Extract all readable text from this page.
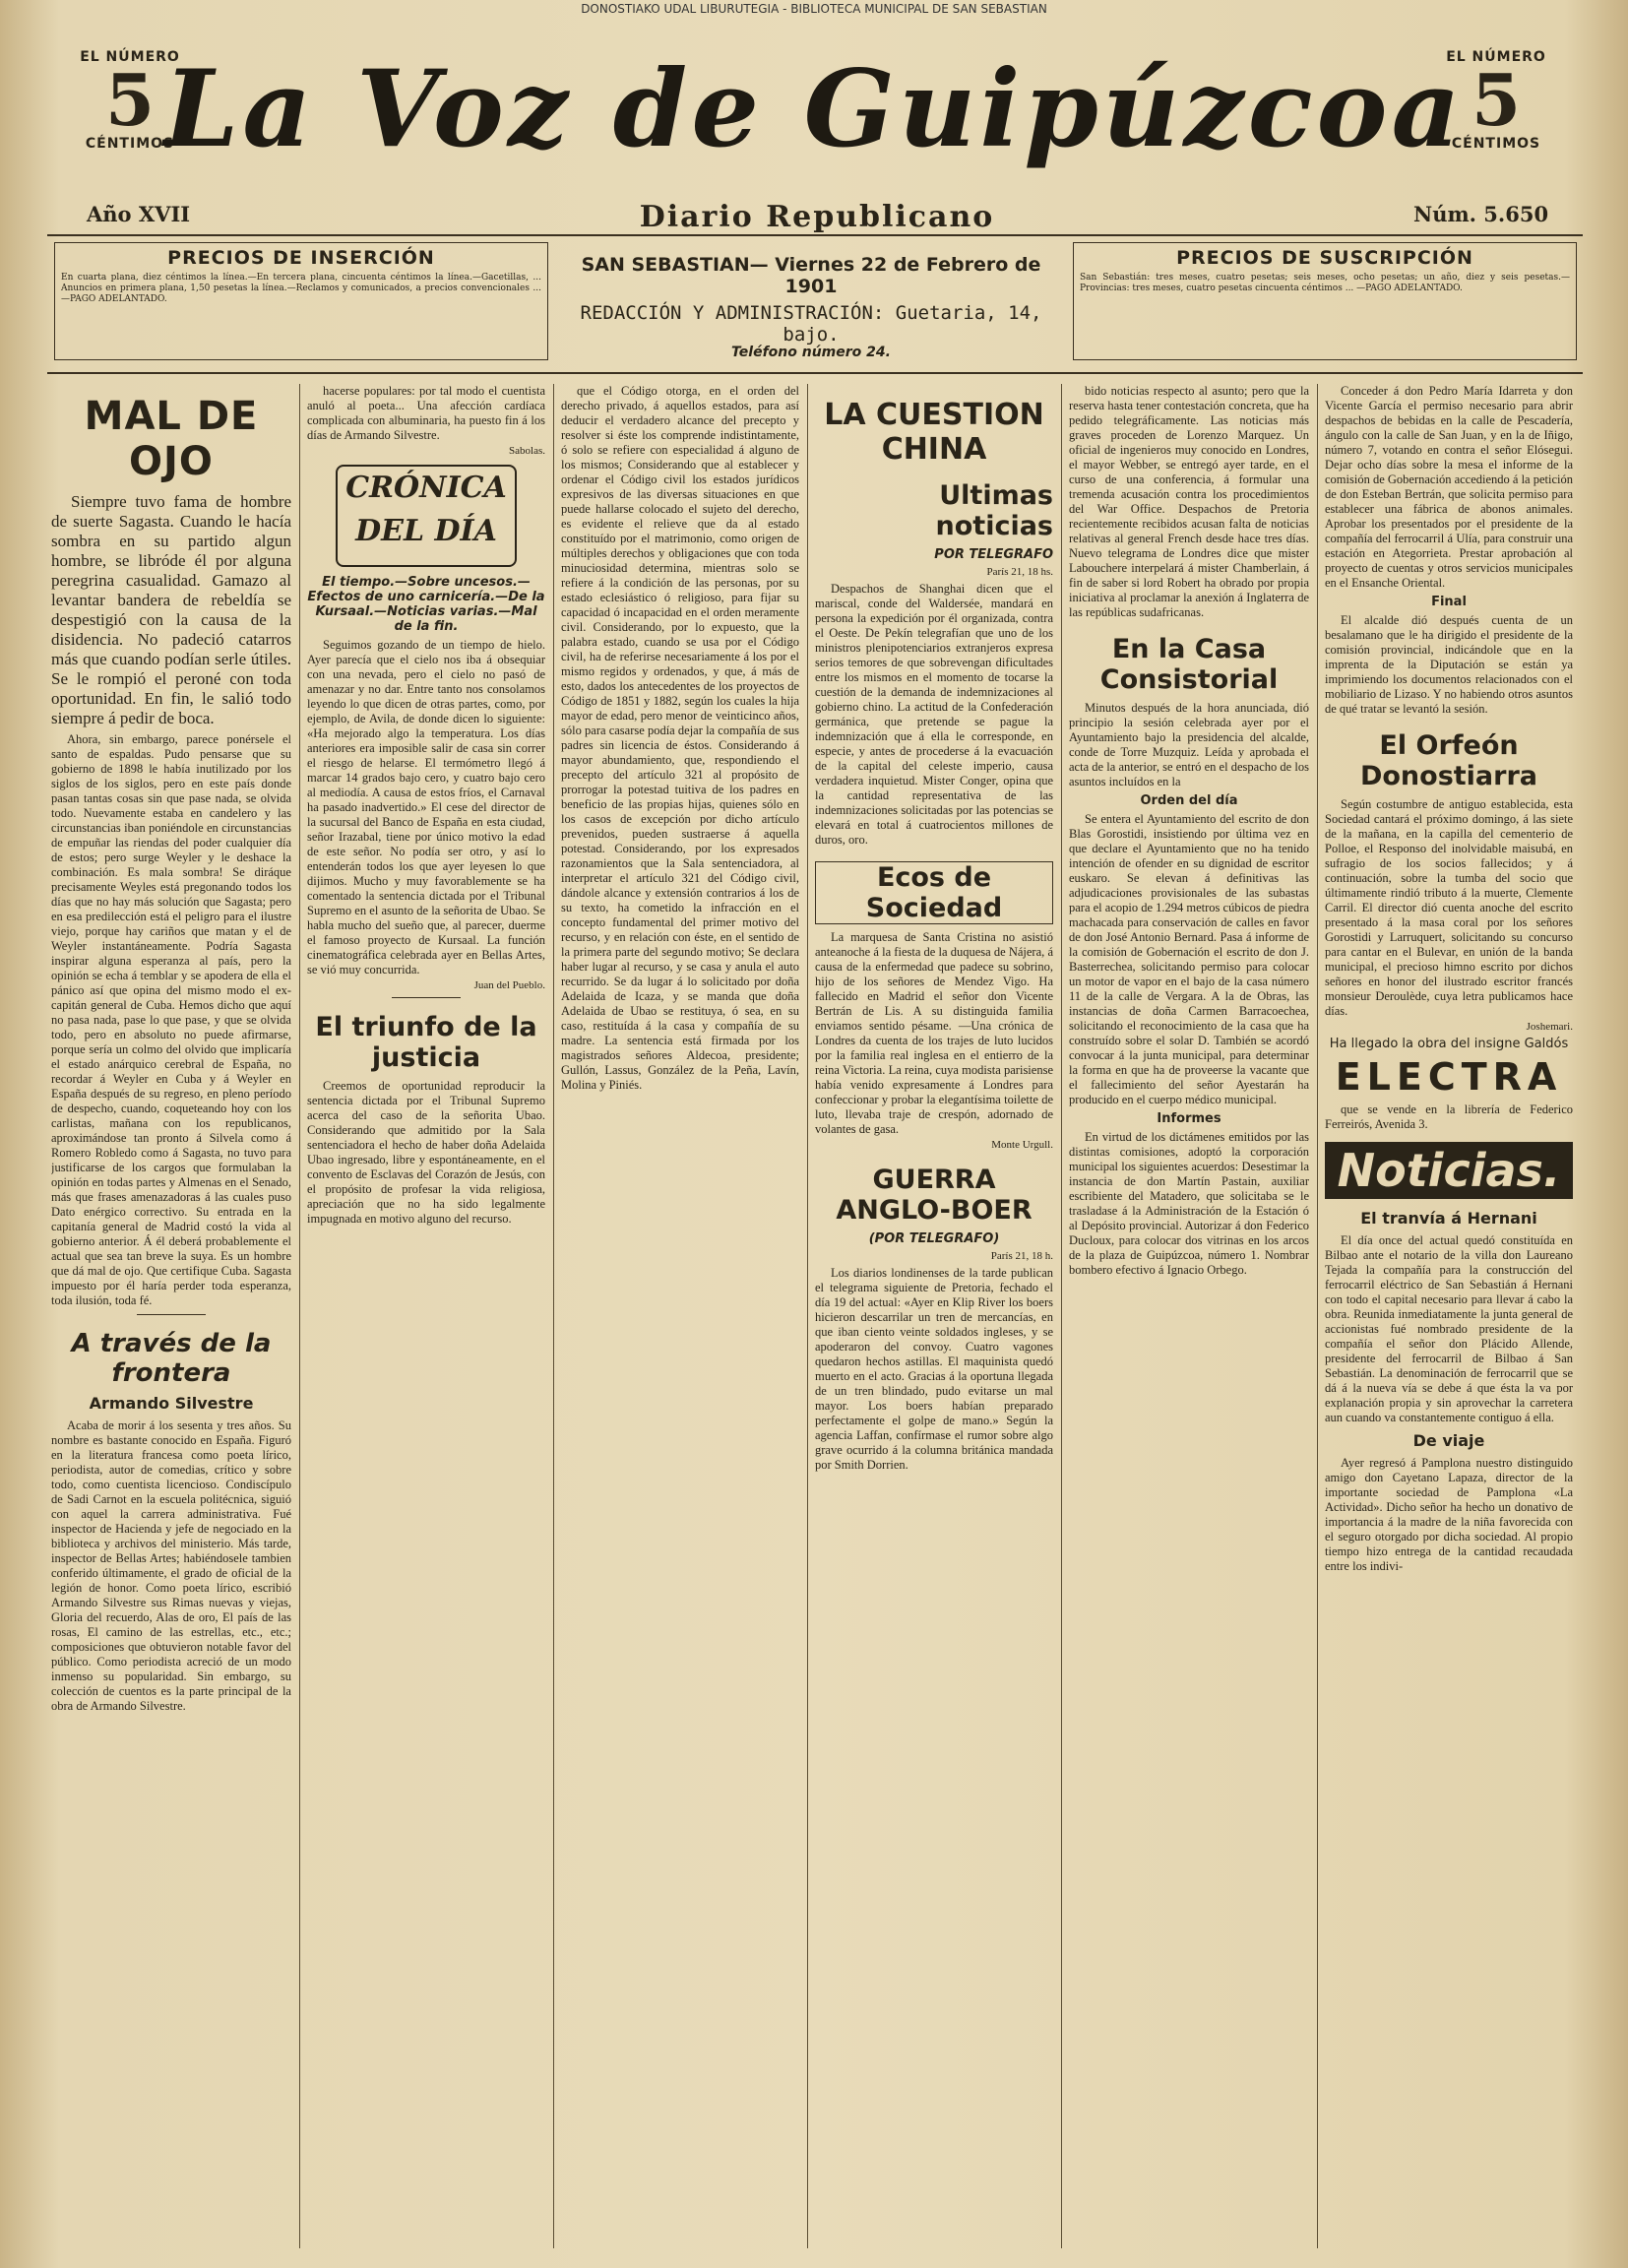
DONOSTIAKO UDAL LIBURUTEGIA - BIBLIOTECA MUNICIPAL DE SAN SEBASTIAN
EL NÚMERO
5
CÉNTIMOS
EL NÚMERO
5
CÉNTIMOS
La Voz de Guipúzcoa
Año XVII	Diario Republicano	Núm. 5.650
PRECIOS DE INSERCIÓN
En cuarta plana, diez céntimos la línea.—En tercera plana, cincuenta céntimos la línea.—Gacetillas, ... Anuncios en primera plana, 1,50 pesetas la línea.—Reclamos y comunicados, a precios convencionales ... —PAGO ADELANTADO.
SAN SEBASTIAN— Viernes 22 de Febrero de 1901
REDACCIÓN Y ADMINISTRACIÓN: Guetaria, 14, bajo.
Teléfono número 24.
PRECIOS DE SUSCRIPCIÓN
San Sebastián: tres meses, cuatro pesetas; seis meses, ocho pesetas; un año, diez y seis pesetas.—Provincias: tres meses, cuatro pesetas cincuenta céntimos ... —PAGO ADELANTADO.
MAL DE OJO

Siempre tuvo fama de hombre de suerte Sagasta. Cuando le hacía sombra en su partido algun hombre, se libróde él por alguna peregrina casualidad. Gamazo al levantar bandera de rebeldía se despestigió con la causa de la disidencia. No padeció catarros más que cuando podían serle útiles. Se le rompió el peroné con toda oportunidad. En fin, le salió todo siempre á pedir de boca.

Ahora, sin embargo, parece ponérsele el santo de espaldas. Pudo pensarse que su gobierno de 1898 le había inutilizado por los siglos de los siglos, pero en este país donde pasan tantas cosas sin que pase nada, se olvida todo. Nuevamente estaba en candelero y las circunstancias iban poniéndole en circunstancias de empuñar las riendas del poder cualquier día de estos; pero surge Weyler y le deshace la combinación. Es mala sombra! Se diráque precisamente Weyles está pregonando todos los días que no hay más solución que Sagasta; pero en esa predilección está el peligro para el ilustre viejo, porque hay cariños que matan y el de Weyler instantáneamente. Podría Sagasta inspirar alguna esperanza al país, pero la opinión se echa á temblar y se apodera de ella el pánico así que opina del mismo modo el ex-capitán general de Cuba. Hemos dicho que aquí no pasa nada, pase lo que pase, y que se olvida todo, pero en absoluto no puede afirmarse, porque sería un colmo del olvido que implicaría el estado anárquico cerebral de España, no recordar á Weyler en Cuba y á Weyler en España después de su regreso, en pleno período de despecho, cuando, coqueteando hoy con los carlistas, mañana con los republicanos, aproximándose tan pronto á Silvela como á Romero Robledo como á Sagasta, no tuvo para justificarse de los cargos que formulaban la opinión en todas partes y Almenas en el Senado, más que frases amenazadoras á las cuales puso Dato enérgico correctivo. Su entrada en la capitanía general de Madrid costó la vida al gobierno anterior. Á él deberá probablemente el actual que sea tan breve la suya. Es un hombre que dá mal de ojo. Que certifique Cuba. Sagasta impuesto por él haría perder toda esperanza, toda ilusión, toda fé.

A través de la frontera
Armando Silvestre

Acaba de morir á los sesenta y tres años. Su nombre es bastante conocido en España. Figuró en la literatura francesa como poeta lírico, periodista, autor de comedias, crítico y sobre todo, como cuentista licencioso. Condiscípulo de Sadi Carnot en la escuela politécnica, siguió con aquel la carrera administrativa. Fué inspector de Hacienda y jefe de negociado en la biblioteca y archivos del ministerio. Más tarde, inspector de Bellas Artes; habiéndosele tambien conferido últimamente, el grado de oficial de la legión de honor. Como poeta lírico, escribió Armando Silvestre sus Rimas nuevas y viejas, Gloria del recuerdo, Alas de oro, El país de las rosas, El camino de las estrellas, etc., etc.; composiciones que obtuvieron notable favor del público. Como periodista acreció de un modo inmenso su popularidad. Sin embargo, su colección de cuentos es la parte principal de la obra de Armando Silvestre.

hacerse populares: por tal modo el cuentista anuló al poeta... Una afección cardíaca complicada con albuminaria, ha puesto fin á los días de Armando Silvestre.

Sabolas.
CRÓNICA DEL DÍA
El tiempo.—Sobre uncesos.—Efectos de uno carnicería.—De la Kursaal.—Noticias varias.—Mal de la fin.

Seguimos gozando de un tiempo de hielo. Ayer parecía que el cielo nos iba á obsequiar con una nevada, pero el cielo no pasó de amenazar y no dar. Entre tanto nos consolamos leyendo lo que dicen de otras partes, como, por ejemplo, de Avila, de donde dicen lo siguiente: «Ha mejorado algo la temperatura. Los días anteriores era imposible salir de casa sin correr el riesgo de helarse. El termómetro llegó á marcar 14 grados bajo cero, y cuatro bajo cero al mediodía. A causa de estos fríos, el Carnaval ha pasado inadvertido.» El cese del director de la sucursal del Banco de España en esta ciudad, señor Irazabal, tiene por único motivo la edad de este señor. No podía ser otro, y así lo entenderán todos los que ayer leyesen lo que dijimos. Mucho y muy favorablemente se ha comentado la sentencia dictada por el Tribunal Supremo en el asunto de la señorita de Ubao. Se habla mucho del sueño que, al parecer, duerme el famoso proyecto de Kursaal. La función cinematográfica celebrada ayer en Bellas Artes, se vió muy concurrida.

Juan del Pueblo.
El triunfo de la justicia

Creemos de oportunidad reproducir la sentencia dictada por el Tribunal Supremo acerca del caso de la señorita Ubao. Considerando que admitido por la Sala sentenciadora el hecho de haber doña Adelaida Ubao ingresado, libre y espontáneamente, en el convento de Esclavas del Corazón de Jesús, con el propósito de profesar la vida religiosa, apreciación que no ha sido legalmente impugnada en motivo alguno del recurso.

que el Código otorga, en el orden del derecho privado, á aquellos estados, para así deducir el verdadero alcance del precepto y resolver si éste los comprende indistintamente, ó solo se refiere con especialidad á alguno de los mismos; Considerando que al establecer y ordenar el Código civil los estados jurídicos expresivos de las diversas situaciones en que puede hallarse colocado el sujeto del derecho, es evidente el relieve que da al estado constituído por el matrimonio, como origen de múltiples derechos y obligaciones que con toda minuciosidad determina, mientras solo se refiere á la condición de las personas, por su estado eclesiástico ó religioso, para fijar su capacidad ó incapacidad en el orden meramente civil. Considerando, por lo expuesto, que la palabra estado, cuando se usa por el Código civil, ha de referirse necesariamente á los por el mismo regidos y ordenados, y que, á más de esto, dados los antecedentes de los proyectos de Código de 1851 y 1882, según los cuales la hija mayor de edad, pero menor de veinticinco años, sólo para casarse podía dejar la compañía de sus padres sin licencia de éstos. Considerando á mayor abundamiento, que, respondiendo el precepto del artículo 321 al propósito de prorrogar la potestad tuitiva de los padres en beneficio de las propias hijas, quienes sólo en los casos de excepción por dicho artículo prevenidos, pueden sustraerse á aquella potestad. Considerando, por los expresados razonamientos que la Sala sentenciadora, al interpretar el artículo 321 del Código civil, dándole alcance y extensión contrarios á los de su texto, ha cometido la infracción en el concepto fundamental del primer motivo del recurso, y en relación con éste, en el sentido de la primera parte del segundo motivo; Se declara haber lugar al recurso, y se casa y anula el auto recurrido. Se da lugar á lo solicitado por doña Adelaida de Icaza, y se manda que doña Adelaida de Ubao se restituya, ó sea, en su caso, restituída á la casa y compañía de su madre. La sentencia está firmada por los magistrados señores Aldecoa, presidente; Gullón, Lassus, González de la Peña, Lavín, Molina y Piniés.

LA CUESTION CHINA
Ultimas noticias
POR TELEGRAFO
París 21, 18 hs.

Despachos de Shanghai dicen que el mariscal, conde del Waldersée, mandará en persona la expedición por él organizada, contra el Oeste. De Pekín telegrafían que uno de los ministros plenipotenciarios extranjeros expresa serios temores de que sobrevengan dificultades entre los mismos en el momento de tocarse la cuestión de la demanda de indemnizaciones al gobierno chino. La actitud de la Confederación germánica, que pretende se pague la indemnización que á ella le corresponde, en especie, y antes de procederse á la evacuación de la capital del celeste imperio, causa verdadera inquietud. Mister Conger, opina que la cantidad representativa de las indemnizaciones solicitadas por las potencias se elevará en total á cuatrocientos millones de duros, oro.

Ecos de Sociedad

La marquesa de Santa Cristina no asistió anteanoche á la fiesta de la duquesa de Nájera, á causa de la enfermedad que padece su sobrino, hijo de los señores de Mendez Vigo. Ha fallecido en Madrid el señor don Vicente Bertrán de Lis. A su distinguida familia enviamos sentido pésame. —Una crónica de Londres da cuenta de los trajes de luto lucidos por la familia real inglesa en el entierro de la reina Victoria. La reina, cuya modista parisiense había venido expresamente á Londres para confeccionar y probar la elegantísima toilette de luto, llevaba traje de crespón, adornado de volantes de gasa.

Monte Urgull.
GUERRA ANGLO-BOER
(POR TELEGRAFO)
París 21, 18 h.

Los diarios londinenses de la tarde publican el telegrama siguiente de Pretoria, fechado el día 19 del actual: «Ayer en Klip River los boers hicieron descarrilar un tren de mercancías, en que iban ciento veinte soldados ingleses, y se apoderaron del convoy. Cuatro vagones quedaron hechos astillas. El maquinista quedó muerto en el acto. Gracias á la oportuna llegada de un tren blindado, pudo evitarse un mal mayor. Los boers habían preparado perfectamente el golpe de mano.» Según la agencia Laffan, confírmase el rumor sobre algo grave ocurrido á la columna británica mandada por Smith Dorrien.

bido noticias respecto al asunto; pero que la reserva hasta tener contestación concreta, que ha pedido telegráficamente. Las noticias más graves proceden de Lorenzo Marquez. Un oficial de ingenieros muy conocido en Londres, el mayor Webber, se entregó ayer tarde, en el curso de una conferencia, á formular una tremenda acusación contra los procedimientos del War Office. Despachos de Pretoria recientemente recibidos acusan falta de noticias relativas al general French desde hace tres días. Nuevo telegrama de Londres dice que mister Labouchere interpelará á mister Chamberlain, á fin de saber si lord Robert ha obrado por propia iniciativa al proclamar la anexión á Inglaterra de las repúblicas sudafricanas.

En la Casa Consistorial

Minutos después de la hora anunciada, dió principio la sesión celebrada ayer por el Ayuntamiento bajo la presidencia del alcalde, conde de Torre Muzquiz. Leída y aprobada el acta de la anterior, se entró en el despacho de los asuntos incluídos en la

Orden del día

Se entera el Ayuntamiento del escrito de don Blas Gorostidi, insistiendo por última vez en que declare el Ayuntamiento que no ha tenido intención de ofender en su dignidad de escritor euskaro. Se elevan á definitivas las adjudicaciones provisionales de las subastas para el acopio de 1.294 metros cúbicos de piedra machacada para conservación de calles en favor de don José Antonio Bernard. Pasa á informe de la comisión de Gobernación el escrito de don J. Basterrechea, solicitando permiso para colocar un motor de vapor en el bajo de la casa número 11 de la calle de Vergara. A la de Obras, las instancias de doña Carmen Barracoechea, solicitando el reconocimiento de la casa que ha construído sobre el solar D. También se acordó convocar á la junta municipal, para determinar la forma en que ha de proveerse la vacante que el fallecimiento del señor Ayestarán ha producido en el cuerpo médico municipal.

Informes

En virtud de los dictámenes emitidos por las distintas comisiones, adoptó la corporación municipal los siguientes acuerdos: Desestimar la instancia de don Martín Pastain, auxiliar escribiente del Matadero, que solicitaba se le trasladase á la Administración de la Estación ó al Depósito provincial. Autorizar á don Federico Ducloux, para colocar dos vitrinas en los arcos de la plaza de Guipúzcoa, número 1. Nombrar bombero efectivo á Ignacio Orbego.

Conceder á don Pedro María Idarreta y don Vicente García el permiso necesario para abrir despachos de bebidas en la calle de Pescadería, ángulo con la calle de San Juan, y en la de Iñigo, número 7, votando en contra el señor Elósegui. Dejar ocho días sobre la mesa el informe de la comisión de Gobernación accediendo á la petición de don Esteban Bertrán, que solicita permiso para establecer una fábrica de abonos animales. Aprobar los presentados por el presidente de la compañía del ferrocarril á Ulía, para construir una estación en Ategorrieta. Prestar aprobación al proyecto de cuentas y otros servicios municipales en el Ensanche Oriental.

Final

El alcalde dió después cuenta de un besalamano que le ha dirigido el presidente de la comisión provincial, indicándole que en la imprenta de la Diputación se están ya imprimiendo los documentos relacionados con el mobiliario de Lizaso. Y no habiendo otros asuntos de qué tratar se levantó la sesión.

El Orfeón Donostiarra

Según costumbre de antiguo establecida, esta Sociedad cantará el próximo domingo, á las siete de la mañana, en la capilla del cementerio de Polloe, el Responso del inolvidable maisubá, en sufragio de los socios fallecidos; y á continuación, sobre la tumba del socio que últimamente rindió tributo á la muerte, Clemente Carril. El director dió cuenta anoche del escrito presentado á la masa coral por los señores Gorostidi y Larruquert, solicitando su concurso para cantar en el Bulevar, en unión de la banda municipal, el precioso himno escrito por dichos señores en honor del ilustrado escritor francés monsieur Deroulède, cuya letra publicamos hace días.

Joshemari.
Ha llegado la obra del insigne Galdós
ELECTRA

que se vende en la librería de Federico Ferreirós, Avenida 3.

Noticias.
El tranvía á Hernani

El día once del actual quedó constituída en Bilbao ante el notario de la villa don Laureano Tejada la compañía para la construcción del ferrocarril eléctrico de San Sebastián á Hernani con todo el capital necesario para llevar á cabo la obra. Reunida inmediatamente la junta general de accionistas fué nombrado presidente de la compañía el señor don Plácido Allende, presidente del ferrocarril de Bilbao á San Sebastián. La denominación de ferrocarril que se dá á la nueva vía se debe á que ésta la va por explanación propia y sin aprovechar la carretera aun cuando va constantemente contiguo á ella.

De viaje

Ayer regresó á Pamplona nuestro distinguido amigo don Cayetano Lapaza, director de la importante sociedad de Pamplona «La Actividad». Dicho señor ha hecho un donativo de importancia á la madre de la niña favorecida con el seguro otorgado por dicha sociedad. Al propio tiempo hizo entrega de la cantidad recaudada entre los indivi-
